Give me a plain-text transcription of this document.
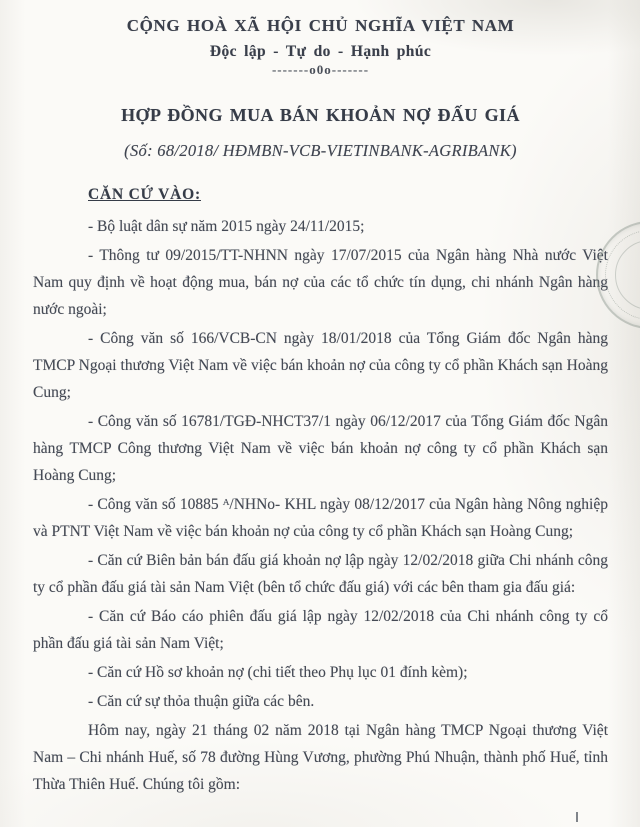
CỘNG HOÀ XÃ HỘI CHỦ NGHĨA VIỆT NAM
Độc lập - Tự do - Hạnh phúc
-------o0o-------
HỢP ĐỒNG MUA BÁN KHOẢN NỢ ĐẤU GIÁ
(Số: 68/2018/ HĐMBN-VCB-VIETINBANK-AGRIBANK)
CĂN CỨ VÀO:

- Bộ luật dân sự năm 2015 ngày 24/11/2015;

- Thông tư 09/2015/TT-NHNN ngày 17/07/2015 của Ngân hàng Nhà nước Việt Nam quy định về hoạt động mua, bán nợ của các tổ chức tín dụng, chi nhánh Ngân hàng nước ngoài;

- Công văn số 166/VCB-CN ngày 18/01/2018 của Tổng Giám đốc Ngân hàng TMCP Ngoại thương Việt Nam về việc bán khoản nợ của công ty cổ phần Khách sạn Hoàng Cung;

- Công văn số 16781/TGĐ-NHCT37/1 ngày 06/12/2017 của Tổng Giám đốc Ngân hàng TMCP Công thương Việt Nam về việc bán khoản nợ công ty cổ phần Khách sạn Hoàng Cung;

- Công văn số 10885 ᴬ/NHNo- KHL ngày 08/12/2017 của Ngân hàng Nông nghiệp và PTNT Việt Nam về việc bán khoản nợ của công ty cổ phần Khách sạn Hoàng Cung;

- Căn cứ Biên bản bán đấu giá khoản nợ lập ngày 12/02/2018 giữa Chi nhánh công ty cổ phần đấu giá tài sản Nam Việt (bên tổ chức đấu giá) với các bên tham gia đấu giá:

- Căn cứ Báo cáo phiên đấu giá lập ngày 12/02/2018 của Chi nhánh công ty cổ phần đấu giá tài sản Nam Việt;

- Căn cứ Hồ sơ khoản nợ (chi tiết theo Phụ lục 01 đính kèm);

- Căn cứ sự thỏa thuận giữa các bên.

Hôm nay, ngày 21 tháng 02 năm 2018 tại Ngân hàng TMCP Ngoại thương Việt Nam – Chi nhánh Huế, số 78 đường Hùng Vương, phường Phú Nhuận, thành phố Huế, tỉnh Thừa Thiên Huế. Chúng tôi gồm:
